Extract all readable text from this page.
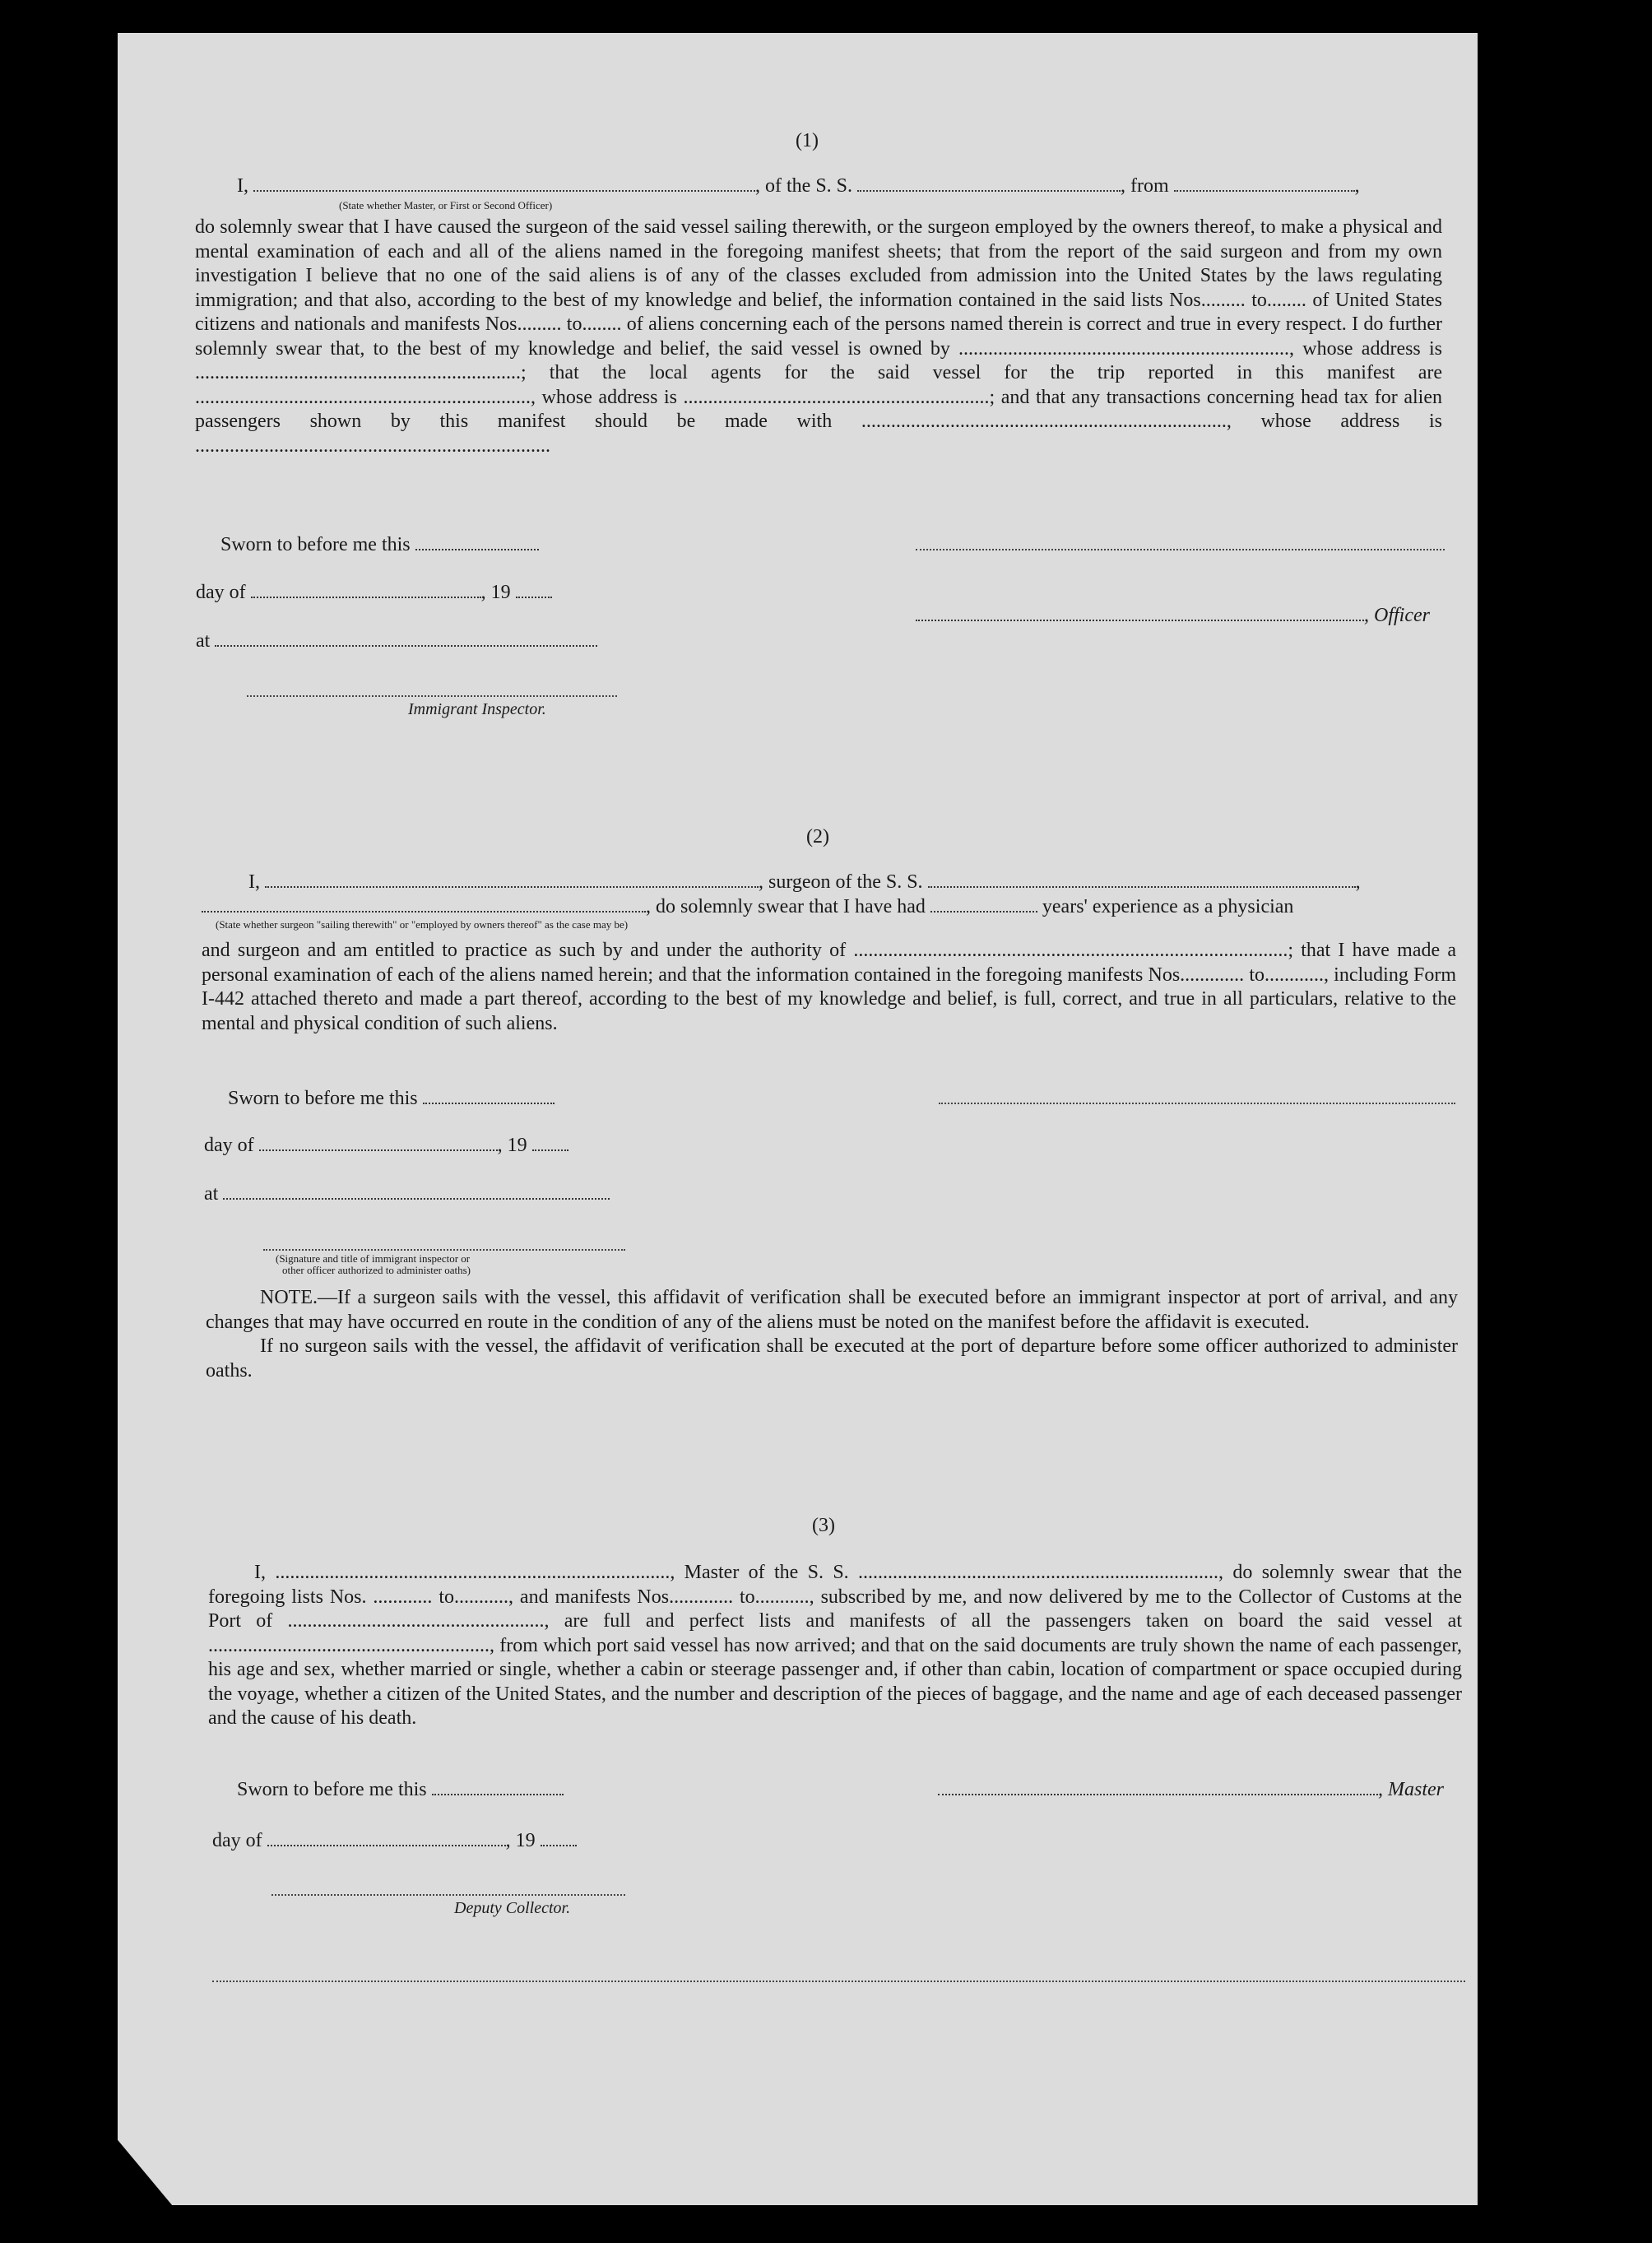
(1)
I,	, of the S. S.	, from	,
(State whether Master, or First or Second Officer)

do solemnly swear that I have caused the surgeon of the said vessel sailing therewith, or the surgeon employed by the owners thereof, to make a physical and mental examination of each and all of the aliens named in the foregoing manifest sheets; that from the report of the said surgeon and from my own investigation I believe that no one of the said aliens is of any of the classes excluded from admission into the United States by the laws regulating immigration; and that also, according to the best of my knowledge and belief, the information contained in the said lists Nos......... to........ of United States citizens and nationals and manifests Nos......... to........ of aliens concerning each of the persons named therein is correct and true in every respect. I do further solemnly swear that, to the best of my knowledge and belief, the said vessel is owned by ..................................................................., whose address is ..................................................................; that the local agents for the said vessel for the trip reported in this manifest are ...................................................................., whose address is ..............................................................; and that any transactions concerning head tax for alien passengers shown by this manifest should be made with .........................................................................., whose address is ........................................................................

Sworn to before me this
day of	, 19
, Officer
at
Immigrant Inspector.
(2)
I,	, surgeon of the S. S.	,
, do solemnly swear that I have had	years' experience as a physician
(State whether surgeon "sailing therewith" or "employed by owners thereof" as the case may be)

and surgeon and am entitled to practice as such by and under the authority of ........................................................................................; that I have made a personal examination of each of the aliens named herein; and that the information contained in the foregoing manifests Nos............. to............, including Form I-442 attached thereto and made a part thereof, according to the best of my knowledge and belief, is full, correct, and true in all particulars, relative to the mental and physical condition of such aliens.

Sworn to before me this
day of	, 19
at
(Signature and title of immigrant inspector or
other officer authorized to administer oaths)

NOTE.—If a surgeon sails with the vessel, this affidavit of verification shall be executed before an immigrant inspector at port of arrival, and any changes that may have occurred en route in the condition of any of the aliens must be noted on the manifest before the affidavit is executed.

If no surgeon sails with the vessel, the affidavit of verification shall be executed at the port of departure before some officer authorized to administer oaths.

(3)

I, ................................................................................, Master of the S. S. ........................................................................., do solemnly swear that the foregoing lists Nos. ............ to..........., and manifests Nos............. to..........., subscribed by me, and now delivered by me to the Collector of Customs at the Port of ...................................................., are full and perfect lists and manifests of all the passengers taken on board the said vessel at ........................................................., from which port said vessel has now arrived; and that on the said documents are truly shown the name of each passenger, his age and sex, whether married or single, whether a cabin or steerage passenger and, if other than cabin, location of compartment or space occupied during the voyage, whether a citizen of the United States, and the number and description of the pieces of baggage, and the name and age of each deceased passenger and the cause of his death.

Sworn to before me this	, Master
day of	, 19
Deputy Collector.
